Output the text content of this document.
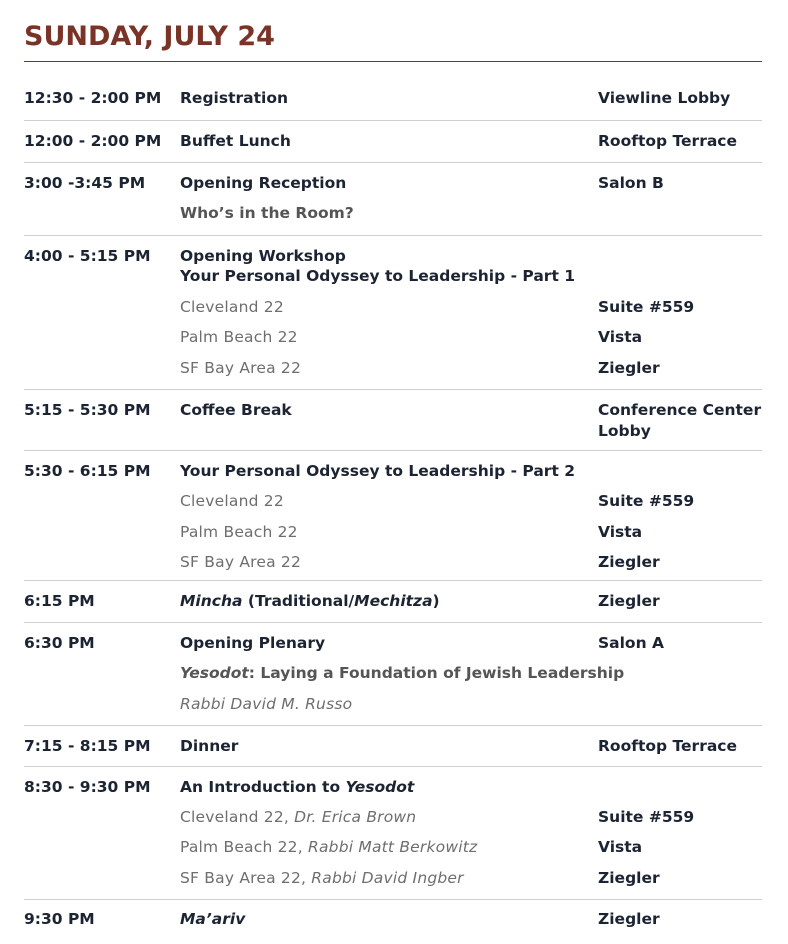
SUNDAY, JULY 24
12:30 - 2:00 PM Registration	Viewline Lobby
12:00 - 2:00 PM Buffet Lunch	Rooftop Terrace
3:00 -3:45 PM Opening Reception	Salon B
Who’s in the Room?
4:00 - 5:15 PM Opening Workshop
Your Personal Odyssey to Leadership - Part 1
Cleveland 22	Suite #559
Palm Beach 22	Vista
SF Bay Area 22	Ziegler
5:15 - 5:30 PM Coffee Break	Conference Center
Lobby
5:30 - 6:15 PM Your Personal Odyssey to Leadership - Part 2
Cleveland 22	Suite #559
Palm Beach 22	Vista
SF Bay Area 22	Ziegler
6:15 PM	Mincha (Traditional/Mechitza)	Ziegler
6:30 PM	Opening Plenary	Salon A
Yesodot: Laying a Foundation of Jewish Leadership
Rabbi David M. Russo
7:15 - 8:15 PM Dinner	Rooftop Terrace
8:30 - 9:30 PM An Introduction to Yesodot
Cleveland 22, Dr. Erica Brown	Suite #559
Palm Beach 22, Rabbi Matt Berkowitz	Vista
SF Bay Area 22, Rabbi David Ingber	Ziegler
9:30 PM	Ma’ariv	Ziegler
